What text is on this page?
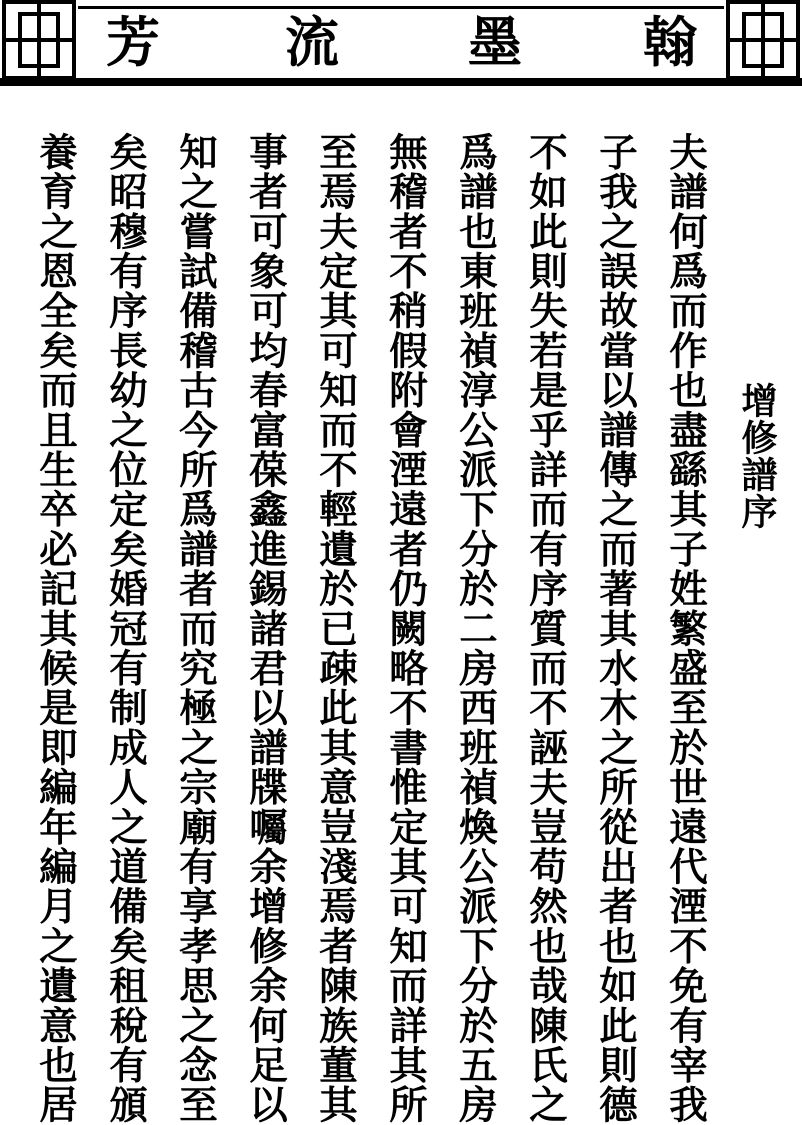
芳 流 墨 翰
增修譜序
夫譜何爲而作也盡繇其子姓繁盛至於世遠代湮不免有宰我
子我之誤故當以譜傳之而著其水木之所從出者也如此則德
不如此則失若是乎詳而有序質而不誣夫豈苟然也哉陳氏之
爲譜也東班禎淳公派下分於二房西班禎煥公派下分於五房
無稽者不稍假附會湮遠者仍闕略不書惟定其可知而詳其所
至焉夫定其可知而不輕遺於已疎此其意豈淺焉者陳族董其
事者可象可均春富葆鑫進錫諸君以譜牒囑余增修余何足以
知之嘗試備稽古今所爲譜者而究極之宗廟有享孝思之念至
矣昭穆有序長幼之位定矣婚冠有制成人之道備矣租稅有頒
養育之恩全矣而且生卒必記其候是即編年編月之遺意也居
